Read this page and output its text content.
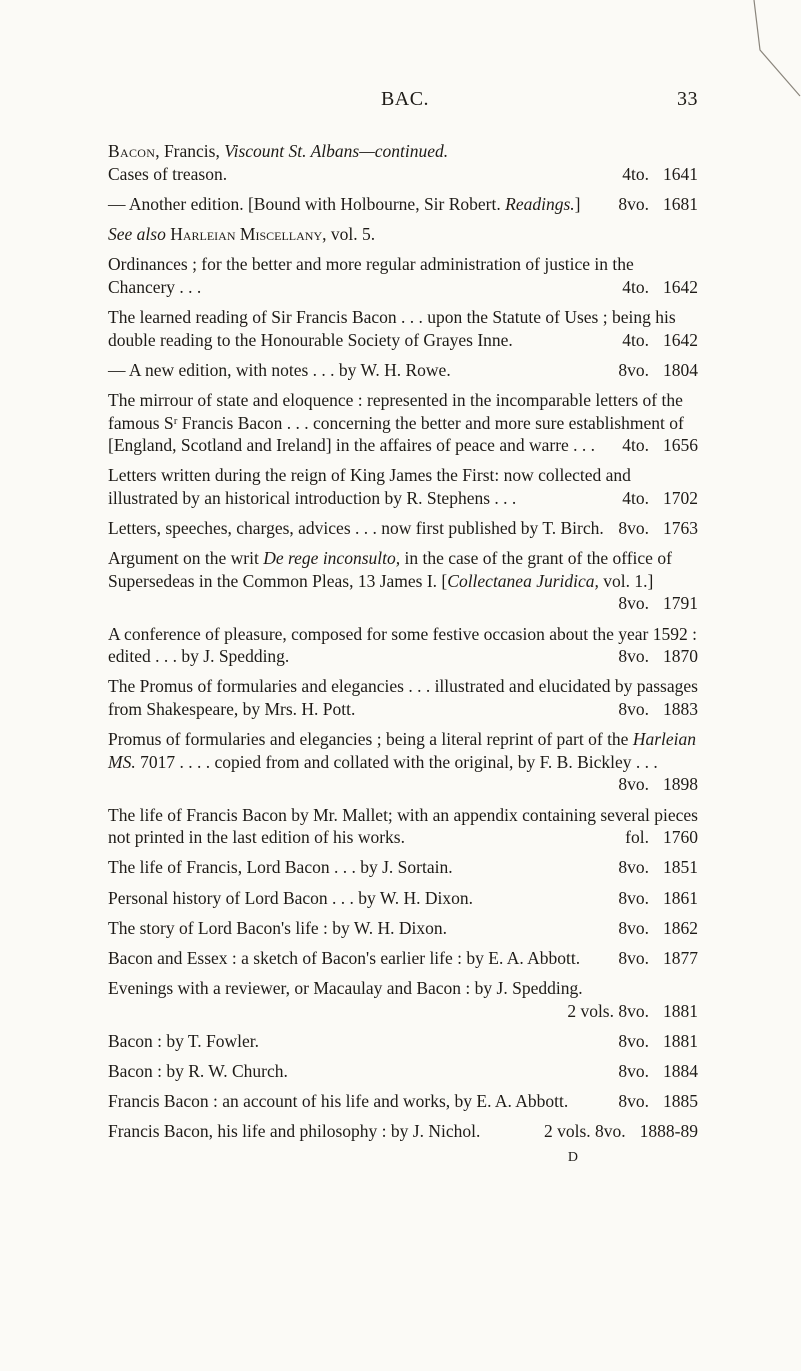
BAC.	33

Bacon, Francis, Viscount St. Albans—continued.

Cases of treason.	4to. 1641

— Another edition. [Bound with Holbourne, Sir Robert. Readings.]	8vo. 1681

See also Harleian Miscellany, vol. 5.

Ordinances ; for the better and more regular administration of justice in the Chancery . . .	4to. 1642

The learned reading of Sir Francis Bacon . . . upon the Statute of Uses ; being his double reading to the Honourable Society of Grayes Inne.	4to. 1642

— A new edition, with notes . . . by W. H. Rowe.	8vo. 1804

The mirrour of state and eloquence : represented in the incomparable letters of the famous Sʳ Francis Bacon . . . concerning the better and more sure establishment of [England, Scotland and Ireland] in the affaires of peace and warre . . .	4to. 1656

Letters written during the reign of King James the First: now collected and illustrated by an historical introduction by R. Stephens . . .	4to. 1702

Letters, speeches, charges, advices . . . now first published by T. Birch. 8vo. 1763

Argument on the writ De rege inconsulto, in the case of the grant of the office of Supersedeas in the Common Pleas, 13 James I. [Collectanea Juridica, vol. 1.]
8vo. 1791

A conference of pleasure, composed for some festive occasion about the year 1592 : edited . . . by J. Spedding.	8vo. 1870

The Promus of formularies and elegancies . . . illustrated and elucidated by passages from Shakespeare, by Mrs. H. Pott.	8vo. 1883

Promus of formularies and elegancies ; being a literal reprint of part of the Harleian MS. 7017 . . . . copied from and collated with the original, by F. B. Bickley . . .
8vo. 1898

The life of Francis Bacon by Mr. Mallet; with an appendix containing several pieces not printed in the last edition of his works.	fol. 1760

The life of Francis, Lord Bacon . . . by J. Sortain.	8vo. 1851

Personal history of Lord Bacon . . . by W. H. Dixon.	8vo. 1861

The story of Lord Bacon's life : by W. H. Dixon.	8vo. 1862

Bacon and Essex : a sketch of Bacon's earlier life : by E. A. Abbott.	8vo. 1877

Evenings with a reviewer, or Macaulay and Bacon : by J. Spedding.
2 vols. 8vo. 1881

Bacon : by T. Fowler.	8vo. 1881

Bacon : by R. W. Church.	8vo. 1884

Francis Bacon : an account of his life and works, by E. A. Abbott.	8vo. 1885

Francis Bacon, his life and philosophy : by J. Nichol.	2 vols. 8vo. 1888-89

D
